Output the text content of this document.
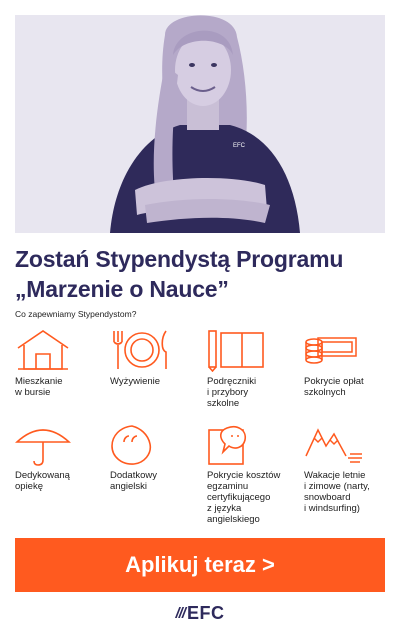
EFC
Zostań Stypendystą Programu
„Marzenie o Nauce”
Co zapewniamy Stypendystom?
Mieszkanie
w bursie
Wyżywienie	Podręczniki
i przybory
szkolne
Pokrycie opłat
szkolnych
Dedykowaną
opiekę
Dodatkowy
angielski
Pokrycie kosztów
egzaminu
certyfikującego
z języka
angielskiego
Wakacje letnie
i zimowe (narty,
snowboard
i windsurfing)
Aplikuj teraz >
/// EFC
